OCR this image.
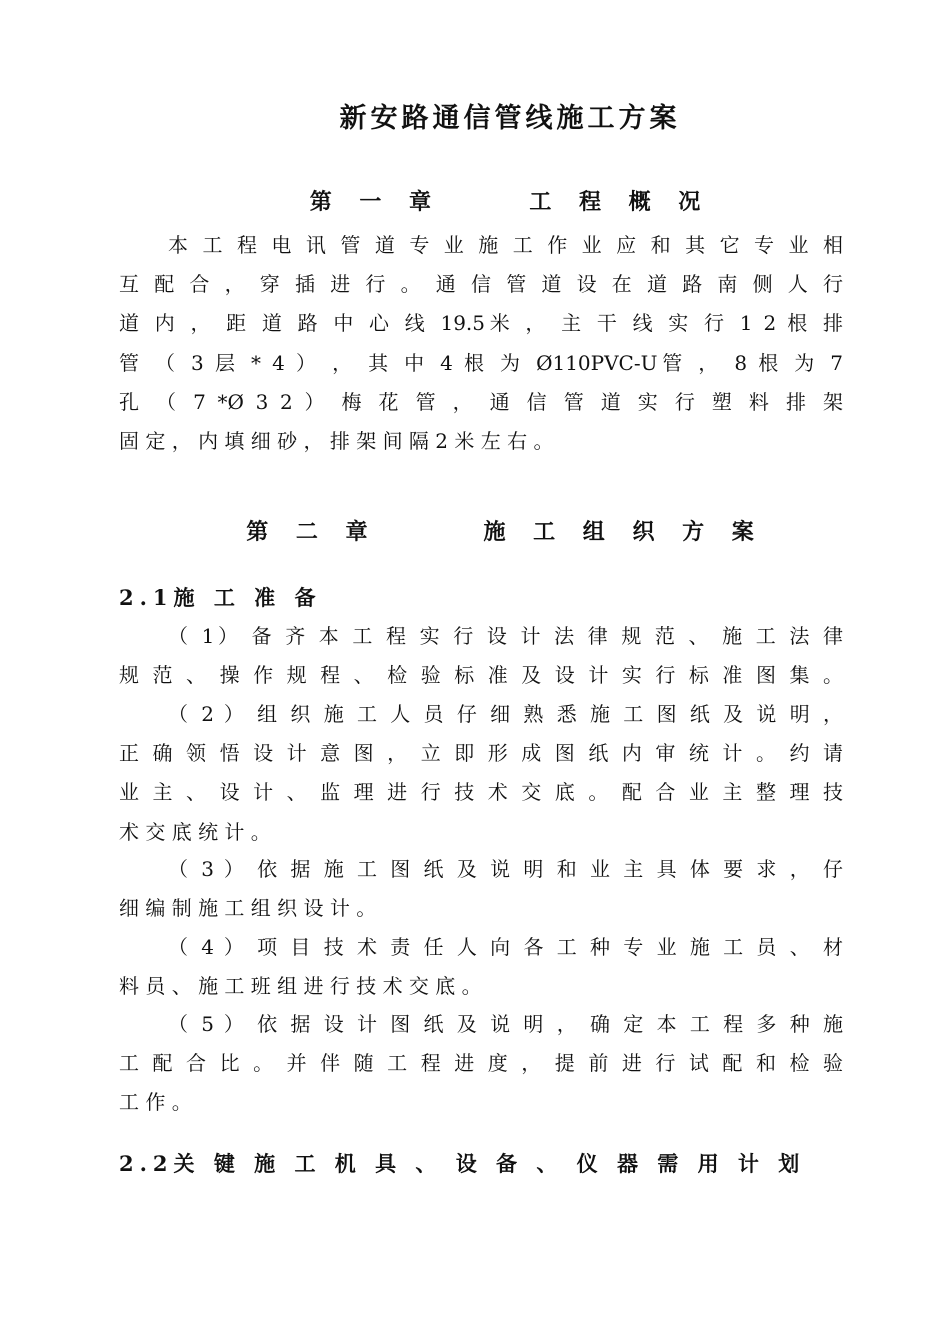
新安路通信管线施工方案
第 一 章     工 程 概 况
本 工 程 电 讯 管 道 专 业 施 工 作 业 应 和 其 它 专 业 相
互 配 合 ， 穿 插 进 行 。 通 信 管 道 设 在 道 路 南 侧 人 行
道 内 ， 距 道 路 中 心 线 19.5米 ， 主 干 线 实 行 1 2 根 排
管 （ 3 层 * 4 ） ， 其 中 4 根 为 Ø110PVC-U管 ， 8 根 为 7
孔 （ 7 *Ø 3 2 ） 梅 花 管 ， 通 信 管 道 实 行 塑 料 排 架
固 定 ， 内 填 细 砂 ， 排 架 间 隔 2 米 左 右 。
第 二 章      施 工 组 织 方 案
2.1施 工 准 备
（ 1） 备 齐 本 工 程 实 行 设 计 法 律 规 范 、 施 工 法 律
规 范 、 操 作 规 程 、 检 验 标 准 及 设 计 实 行 标 准 图 集 。
（ 2 ） 组 织 施 工 人 员 仔 细 熟 悉 施 工 图 纸 及 说 明 ，
正 确 领 悟 设 计 意 图 ， 立 即 形 成 图 纸 内 审 统 计 。 约 请
业 主 、 设 计 、 监 理 进 行 技 术 交 底 。 配 合 业 主 整 理 技
术 交 底 统 计 。
（ 3 ） 依 据 施 工 图 纸 及 说 明 和 业 主 具 体 要 求 ， 仔
细 编 制 施 工 组 织 设 计 。
（ 4 ） 项 目 技 术 责 任 人 向 各 工 种 专 业 施 工 员 、 材
料 员 、 施 工 班 组 进 行 技 术 交 底 。
（ 5 ） 依 据 设 计 图 纸 及 说 明 ， 确 定 本 工 程 多 种 施
工 配 合 比 。 并 伴 随 工 程 进 度 ， 提 前 进 行 试 配 和 检 验
工 作 。
2.2关 键 施 工 机 具 、 设 备 、 仪 器 需 用 计 划
